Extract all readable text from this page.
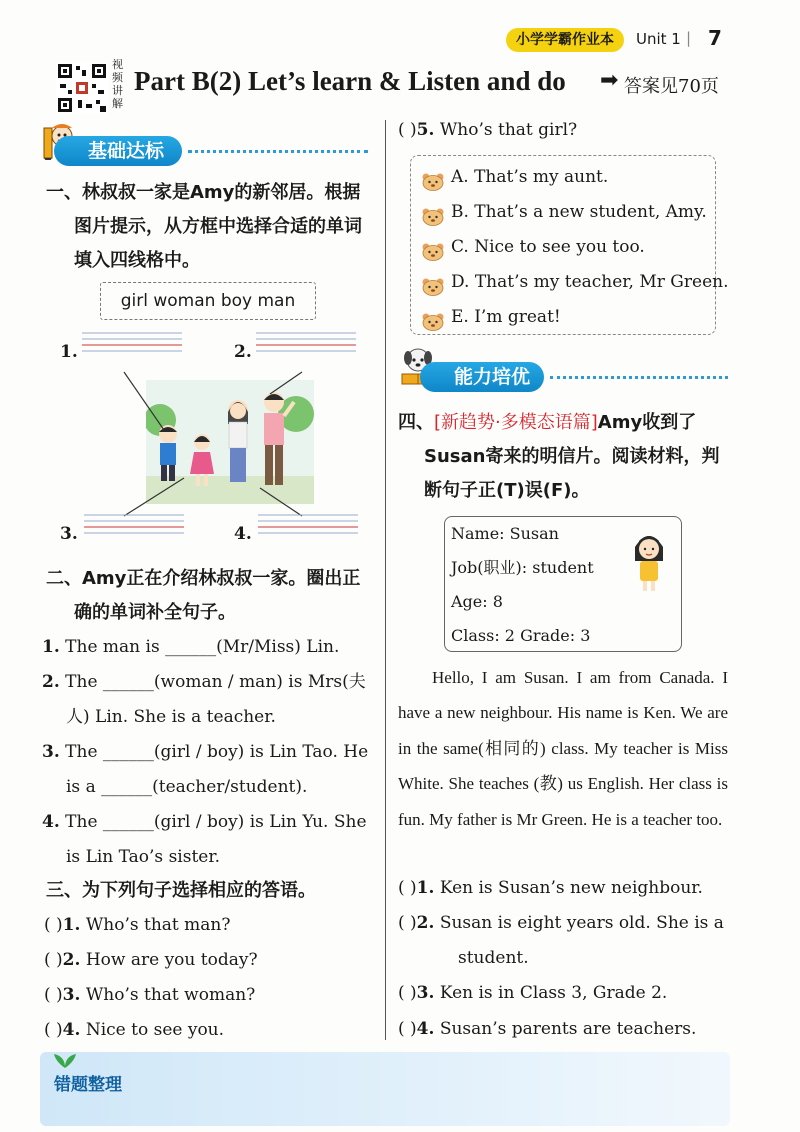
小学学霸作业本	Unit 1 | 7
视频讲解
Part B(2) Let’s learn & Listen and do ➡ 答案见70页
基础达标
一、林叔叔一家是Amy的新邻居。根据
图片提示，从方框中选择合适的单词
填入四线格中。
girl woman boy man
1.	2.
3.	4.
二、Amy正在介绍林叔叔一家。圈出正
确的单词补全句子。
1. The man is ______(Mr/Miss) Lin.
2. The ______(woman / man) is Mrs(夫
人) Lin. She is a teacher.
3. The ______(girl / boy) is Lin Tao. He
is a ______(teacher/student).
4. The ______(girl / boy) is Lin Yu. She
is Lin Tao’s sister.
三、为下列句子选择相应的答语。
( )1. Who’s that man?
( )2. How are you today?
( )3. Who’s that woman?
( )4. Nice to see you.
( )5. Who’s that girl?
A. That’s my aunt.
B. That’s a new student, Amy.
C. Nice to see you too.
D. That’s my teacher, Mr Green.
E. I’m great!
能力培优
四、[新趋势·多模态语篇]Amy收到了
Susan寄来的明信片。阅读材料，判
断句子正(T)误(F)。
Name: Susan
Job(职业): student
Age: 8
Class: 2 Grade: 3

Hello, I am Susan. I am from Canada. I have a new neighbour. His name is Ken. We are in the same(相同的) class. My teacher is Miss White. She teaches (教) us English. Her class is fun. My father is Mr Green. He is a teacher too.

( )1. Ken is Susan’s new neighbour.
( )2. Susan is eight years old. She is a
student.
( )3. Ken is in Class 3, Grade 2.
( )4. Susan’s parents are teachers.
错题整理
